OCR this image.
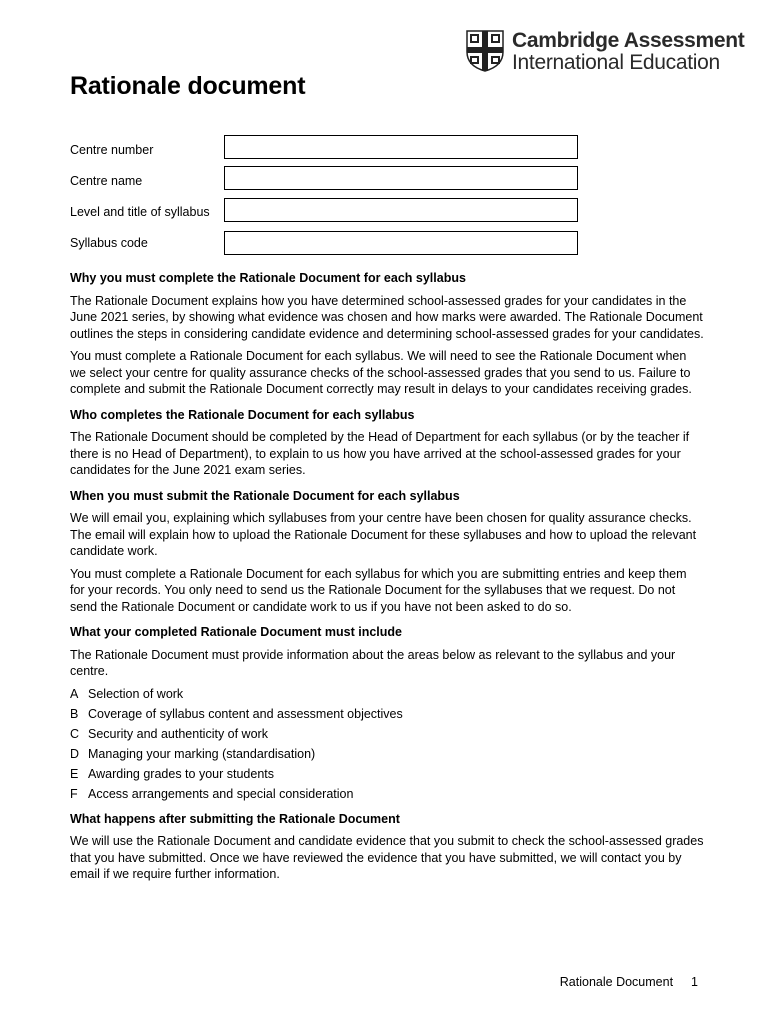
Cambridge Assessment
International Education
Rationale document
Centre number
Centre name
Level and title of syllabus
Syllabus code
Why you must complete the Rationale Document for each syllabus

The Rationale Document explains how you have determined school-assessed grades for your candidates in the June 2021 series, by showing what evidence was chosen and how marks were awarded. The Rationale Document outlines the steps in considering candidate evidence and determining school-assessed grades for your candidates.

You must complete a Rationale Document for each syllabus. We will need to see the Rationale Document when we select your centre for quality assurance checks of the school-assessed grades that you send to us. Failure to complete and submit the Rationale Document correctly may result in delays to your candidates receiving grades.

Who completes the Rationale Document for each syllabus

The Rationale Document should be completed by the Head of Department for each syllabus (or by the teacher if there is no Head of Department), to explain to us how you have arrived at the school-assessed grades for your candidates for the June 2021 exam series.

When you must submit the Rationale Document for each syllabus

We will email you, explaining which syllabuses from your centre have been chosen for quality assurance checks. The email will explain how to upload the Rationale Document for these syllabuses and how to upload the relevant candidate work.

You must complete a Rationale Document for each syllabus for which you are submitting entries and keep them for your records. You only need to send us the Rationale Document for the syllabuses that we request. Do not send the Rationale Document or candidate work to us if you have not been asked to do so.

What your completed Rationale Document must include

The Rationale Document must provide information about the areas below as relevant to the syllabus and your centre.

A Selection of work
B Coverage of syllabus content and assessment objectives
C Security and authenticity of work
D Managing your marking (standardisation)
E Awarding grades to your students
F Access arrangements and special consideration
What happens after submitting the Rationale Document

We will use the Rationale Document and candidate evidence that you submit to check the school-assessed grades that you have submitted. Once we have reviewed the evidence that you have submitted, we will contact you by email if we require further information.

Rationale Document 1
